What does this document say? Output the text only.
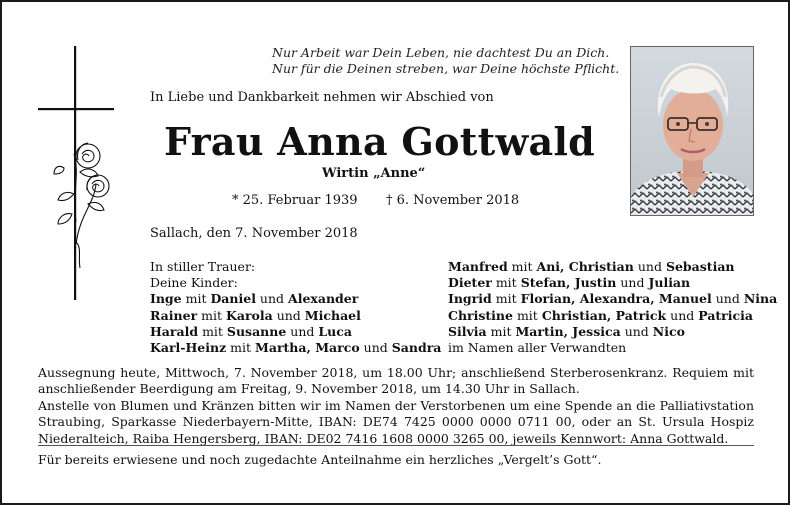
Nur Arbeit war Dein Leben, nie dachtest Du an Dich.
Nur für die Deinen streben, war Deine höchste Pflicht.
In Liebe und Dankbarkeit nehmen wir Abschied von
Frau Anna Gottwald
Wirtin „Anne“
* 25. Februar 1939 † 6. November 2018
Sallach, den 7. November 2018
In stiller Trauer:
Deine Kinder:
Inge mit Daniel und Alexander
Rainer mit Karola und Michael
Harald mit Susanne und Luca
Karl-Heinz mit Martha, Marco und Sandra
Manfred mit Ani, Christian und Sebastian
Dieter mit Stefan, Justin und Julian
Ingrid mit Florian, Alexandra, Manuel und Nina
Christine mit Christian, Patrick und Patricia
Silvia mit Martin, Jessica und Nico
im Namen aller Verwandten
Aussegnung heute, Mittwoch, 7. November 2018, um 18.00 Uhr; anschließend Sterberosenkranz. Requiem mit anschließender Beerdigung am Freitag, 9. November 2018, um 14.30 Uhr in Sallach.
Anstelle von Blumen und Kränzen bitten wir im Namen der Verstorbenen um eine Spende an die Palliativstation Straubing, Sparkasse Niederbayern-Mitte, IBAN: DE74 7425 0000 0000 0711 00, oder an St. Ursula Hospiz Niederalteich, Raiba Hengersberg, IBAN: DE02 7416 1608 0000 3265 00, jeweils Kennwort: Anna Gottwald.
Für bereits erwiesene und noch zugedachte Anteilnahme ein herzliches „Vergelt’s Gott“.
